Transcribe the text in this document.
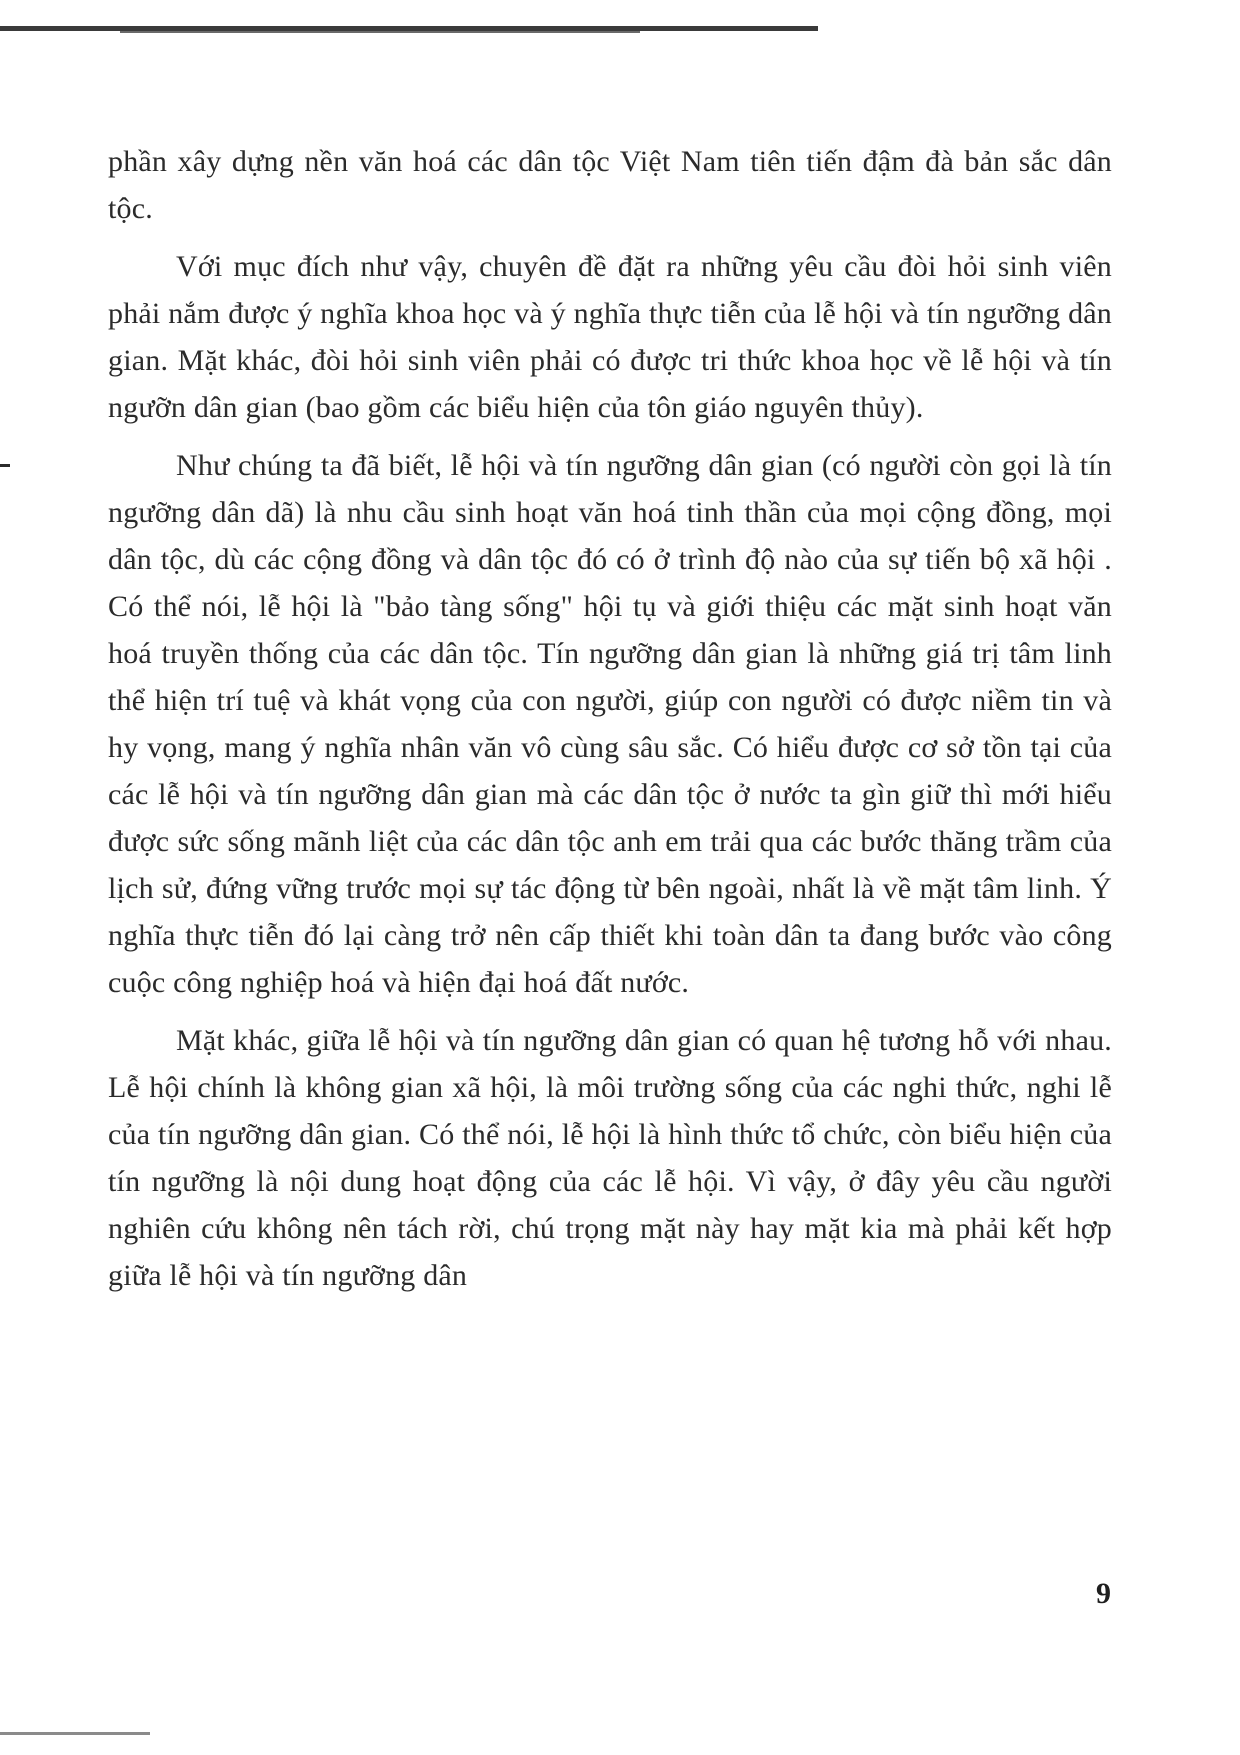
phần xây dựng nền văn hoá các dân tộc Việt Nam tiên tiến đậm đà bản sắc dân tộc.

Với mục đích như vậy, chuyên đề đặt ra những yêu cầu đòi hỏi sinh viên phải nắm được ý nghĩa khoa học và ý nghĩa thực tiễn của lễ hội và tín ngưỡng dân gian. Mặt khác, đòi hỏi sinh viên phải có được tri thức khoa học về lễ hội và tín ngưỡn dân gian (bao gồm các biểu hiện của tôn giáo nguyên thủy).

Như chúng ta đã biết, lễ hội và tín ngưỡng dân gian (có người còn gọi là tín ngưỡng dân dã) là nhu cầu sinh hoạt văn hoá tinh thần của mọi cộng đồng, mọi dân tộc, dù các cộng đồng và dân tộc đó có ở trình độ nào của sự tiến bộ xã hội . Có thể nói, lễ hội là "bảo tàng sống" hội tụ và giới thiệu các mặt sinh hoạt văn hoá truyền thống của các dân tộc. Tín ngưỡng dân gian là những giá trị tâm linh thể hiện trí tuệ và khát vọng của con người, giúp con người có được niềm tin và hy vọng, mang ý nghĩa nhân văn vô cùng sâu sắc. Có hiểu được cơ sở tồn tại của các lễ hội và tín ngưỡng dân gian mà các dân tộc ở nước ta gìn giữ thì mới hiểu được sức sống mãnh liệt của các dân tộc anh em trải qua các bước thăng trầm của lịch sử, đứng vững trước mọi sự tác động từ bên ngoài, nhất là về mặt tâm linh. Ý nghĩa thực tiễn đó lại càng trở nên cấp thiết khi toàn dân ta đang bước vào công cuộc công nghiệp hoá và hiện đại hoá đất nước.

Mặt khác, giữa lễ hội và tín ngưỡng dân gian có quan hệ tương hỗ với nhau. Lễ hội chính là không gian xã hội, là môi trường sống của các nghi thức, nghi lễ của tín ngưỡng dân gian. Có thể nói, lễ hội là hình thức tổ chức, còn biểu hiện của tín ngưỡng là nội dung hoạt động của các lễ hội. Vì vậy, ở đây yêu cầu người nghiên cứu không nên tách rời, chú trọng mặt này hay mặt kia mà phải kết hợp giữa lễ hội và tín ngưỡng dân

9
